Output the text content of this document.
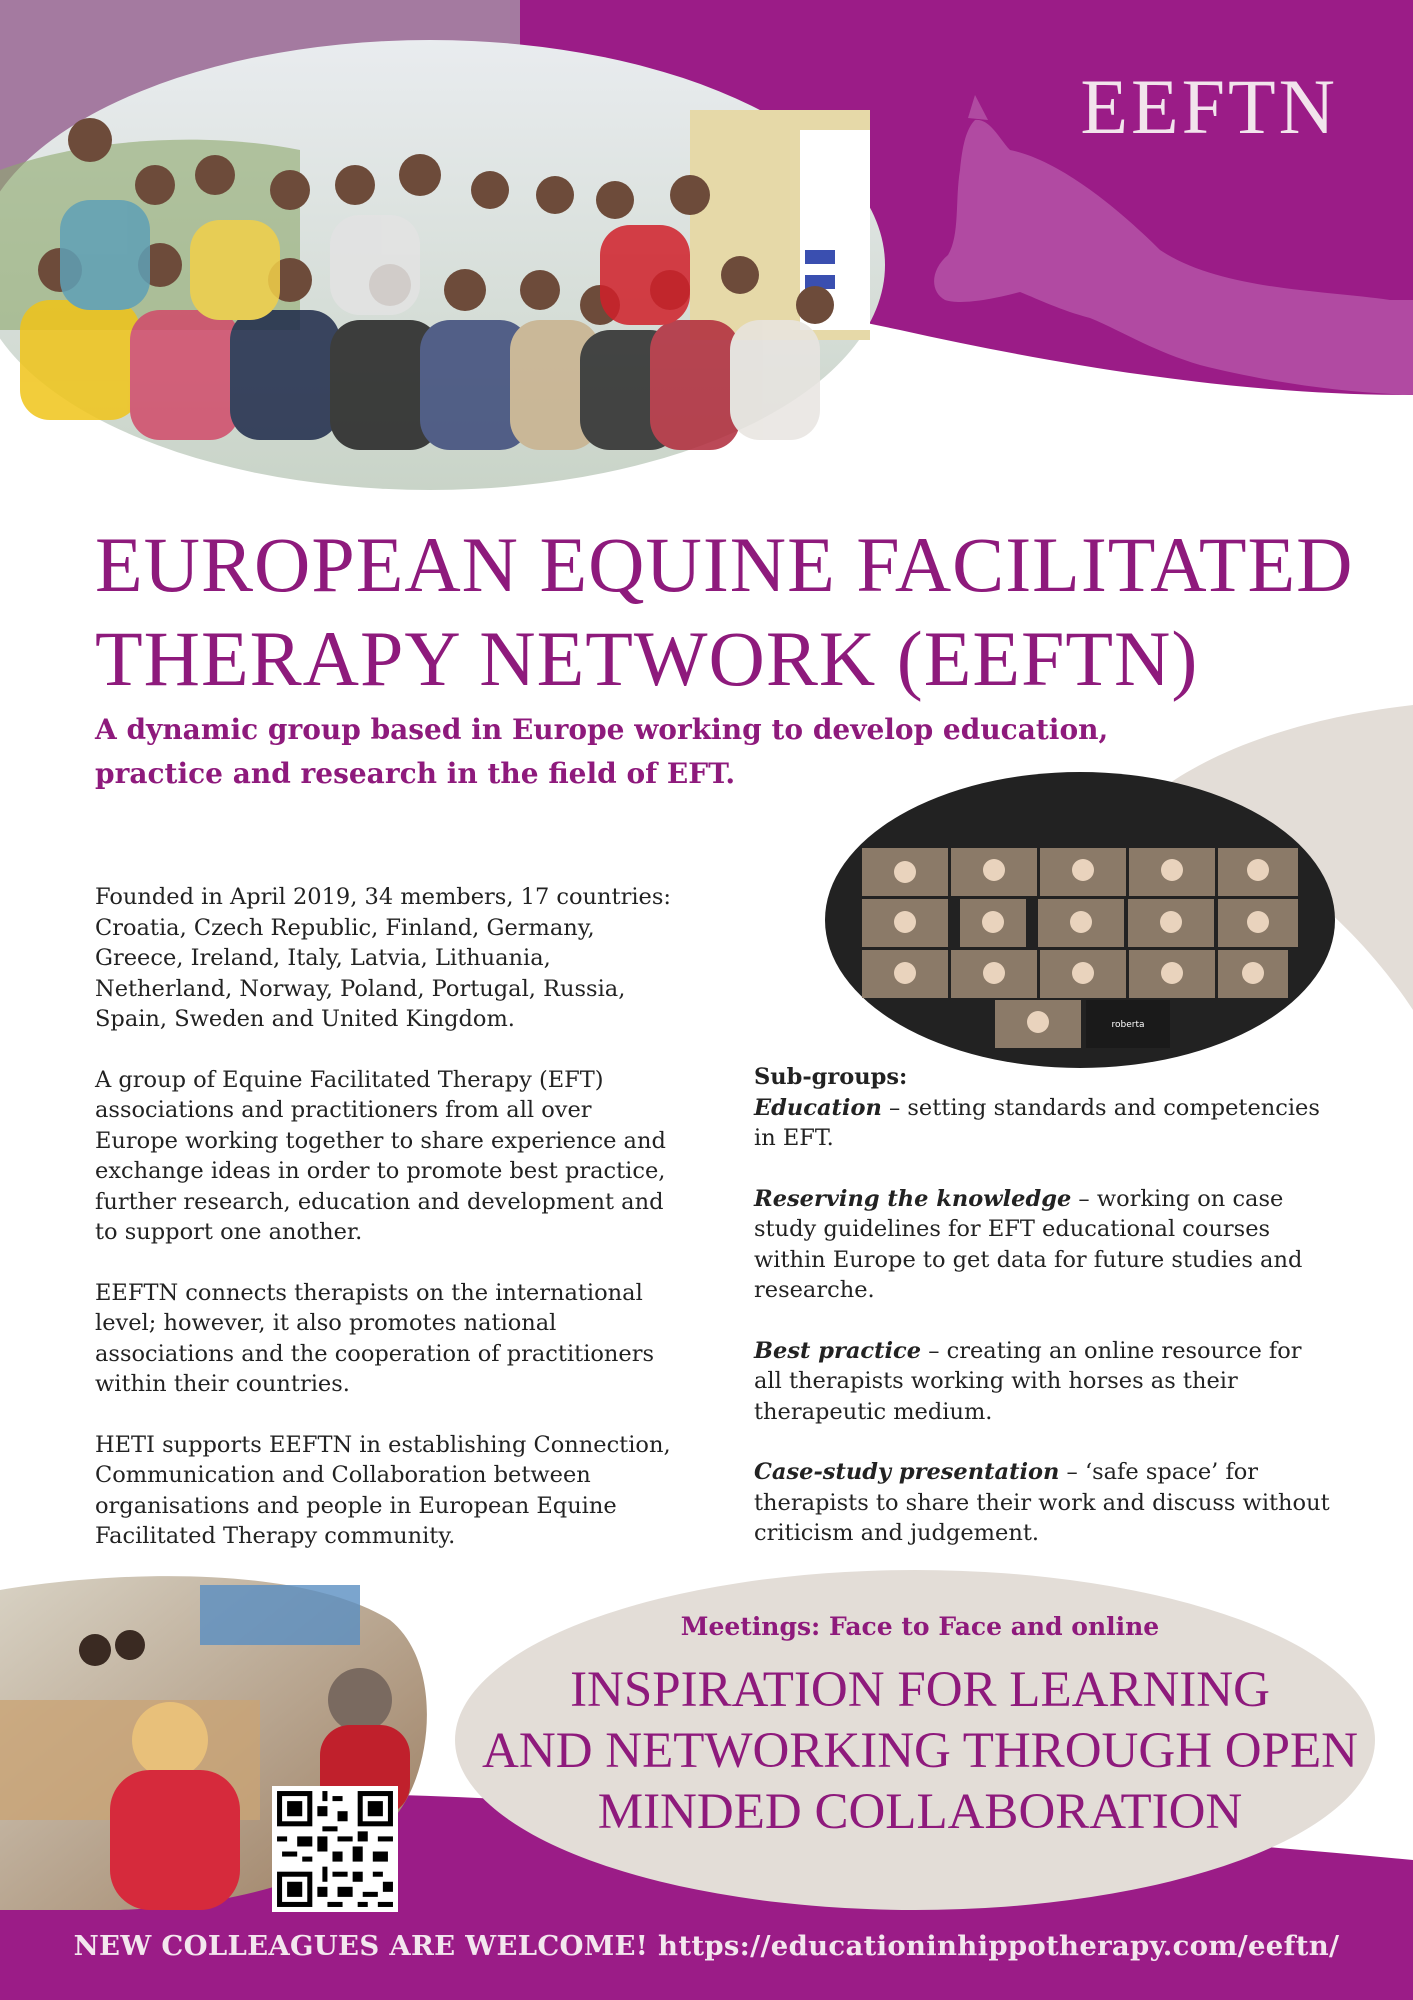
roberta
EEFTN
EUROPEAN EQUINE FACILITATED
THERAPY NETWORK (EEFTN)
A dynamic group based in Europe working to develop education,
practice and research in the field of EFT.

Founded in April 2019, 34 members, 17 countries: Croatia, Czech Republic, Finland, Germany, Greece, Ireland, Italy, Latvia, Lithuania, Netherland, Norway, Poland, Portugal, Russia, Spain, Sweden and United Kingdom.

A group of Equine Facilitated Therapy (EFT) associations and practitioners from all over Europe working together to share experience and exchange ideas in order to promote best practice, further research, education and development and to support one another.

EEFTN connects therapists on the international level; however, it also promotes national associations and the cooperation of practitioners within their countries.

HETI supports EEFTN in establishing Connection, Communication and Collaboration between organisations and people in European Equine Facilitated Therapy community.

Sub-groups:

Education – setting standards and competencies in EFT.

Reserving the knowledge – working on case study guidelines for EFT educational courses within Europe to get data for future studies and researche.

Best practice – creating an online resource for all therapists working with horses as their therapeutic medium.

Case-study presentation – ‘safe space’ for therapists to share their work and discuss without criticism and judgement.

Meetings: Face to Face and online
INSPIRATION FOR LEARNING
AND NETWORKING THROUGH OPEN
MINDED COLLABORATION
NEW COLLEAGUES ARE WELCOME! https://educationinhippotherapy.com/eeftn/
